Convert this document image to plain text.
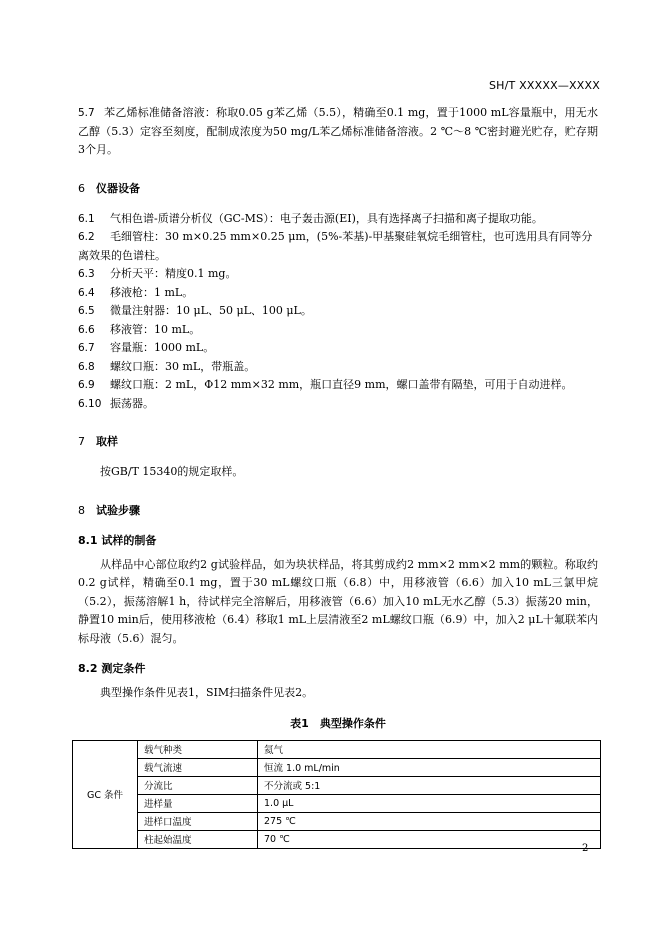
SH/T XXXXX—XXXX
5.7 苯乙烯标准储备溶液：称取0.05 g苯乙烯（5.5），精确至0.1 mg，置于1000 mL容量瓶中，用无水乙醇（5.3）定容至刻度，配制成浓度为50 mg/L苯乙烯标准储备溶液。2 ℃～8 ℃密封避光贮存，贮存期3个月。
6 仪器设备
6.1 气相色谱-质谱分析仪（GC-MS）：电子轰击源(EI)，具有选择离子扫描和离子提取功能。
6.2 毛细管柱：30 m×0.25 mm×0.25 μm，(5%-苯基)-甲基聚硅氧烷毛细管柱，也可选用具有同等分离效果的色谱柱。
6.3 分析天平：精度0.1 mg。
6.4 移液枪：1 mL。
6.5 微量注射器：10 μL、50 μL、100 μL。
6.6 移液管：10 mL。
6.7 容量瓶：1000 mL。
6.8 螺纹口瓶：30 mL，带瓶盖。
6.9 螺纹口瓶：2 mL，Φ12 mm×32 mm，瓶口直径9 mm，螺口盖带有隔垫，可用于自动进样。
6.10 振荡器。
7 取样
按GB/T 15340的规定取样。
8 试验步骤
8.1 试样的制备
从样品中心部位取约2 g试验样品，如为块状样品，将其剪成约2 mm×2 mm×2 mm的颗粒。称取约0.2 g试样，精确至0.1 mg，置于30 mL螺纹口瓶（6.8）中，用移液管（6.6）加入10 mL三氯甲烷（5.2），振荡溶解1 h，待试样完全溶解后，用移液管（6.6）加入10 mL无水乙醇（5.3）振荡20 min，静置10 min后，使用移液枪（6.4）移取1 mL上层清液至2 mL螺纹口瓶（6.9）中，加入2 μL十氟联苯内标母液（5.6）混匀。
8.2 测定条件
典型操作条件见表1，SIM扫描条件见表2。
表1　典型操作条件
GC 条件	载气种类	氦气
	载气流速	恒流 1.0 mL/min
	分流比	不分流或 5:1
	进样量	1.0 μL
	进样口温度	275 ℃
	柱起始温度	70 ℃
2
